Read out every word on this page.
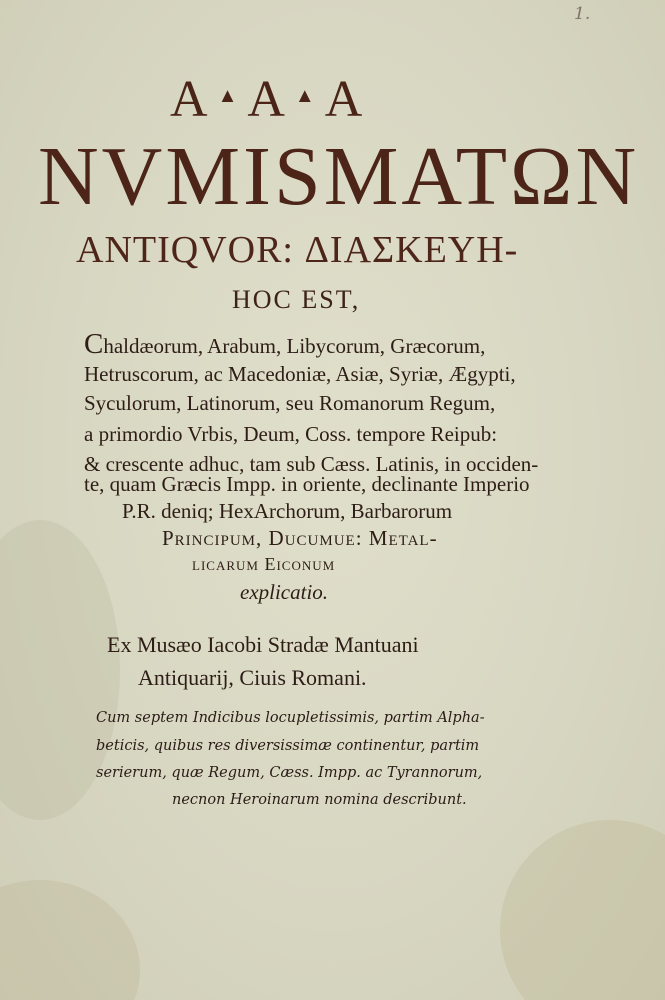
1.
A ▲A ▲A
NVMISMATΩN
ANTIQVOR: ΔΙΑΣΚΕΥΗ-
HOC EST,
Chaldæorum, Arabum, Libycorum, Græcorum,
Hetruscorum, ac Macedoniæ, Asiæ, Syriæ, Ægypti,
Syculorum, Latinorum, seu Romanorum Regum,
a primordio Vrbis, Deum, Coss. tempore Reipub:
& crescente adhuc, tam sub Cæss. Latinis, in occiden-
te, quam Græcis Impp. in oriente, declinante Imperio
P.R. deniq; HexArchorum, Barbarorum
Principum, Ducumue: Metal-
licarum Eiconum
explicatio.
Ex Musæo Iacobi Stradæ Mantuani
Antiquarij, Ciuis Romani.
Cum septem Indicibus locupletissimis, partim Alpha-
beticis, quibus res diversissimæ continentur, partim
serierum, quæ Regum, Cæss. Impp. ac Tyrannorum,
necnon Heroinarum nomina describunt.
